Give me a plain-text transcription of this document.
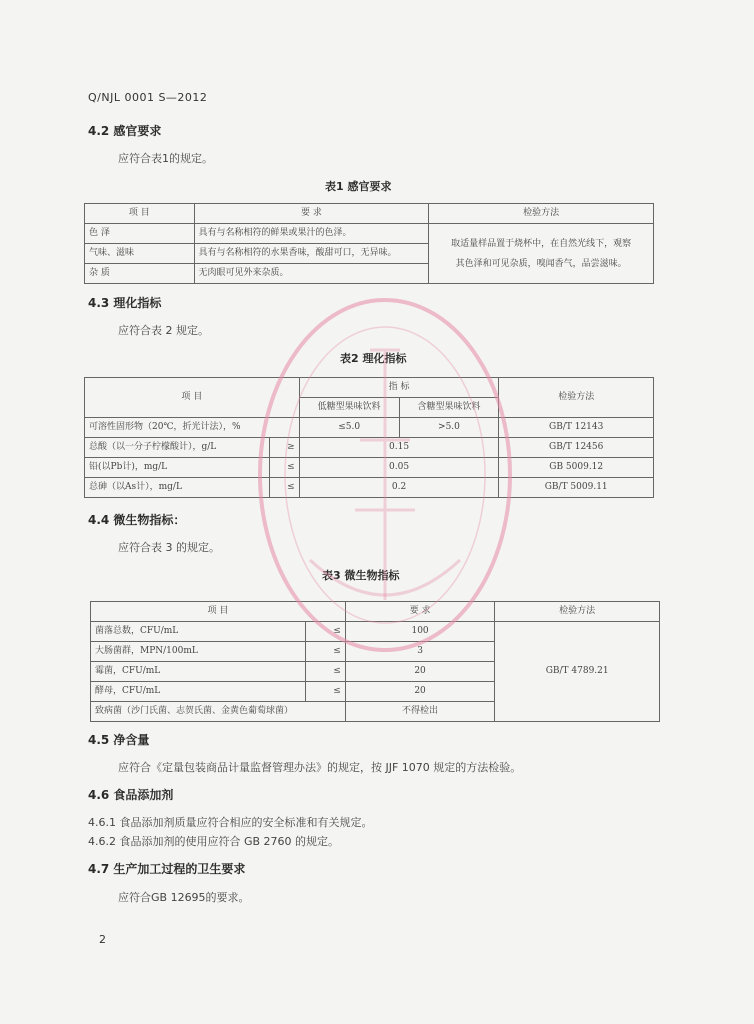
Q/NJL 0001 S—2012
4.2 感官要求
应符合表1的规定。
表1 感官要求
项 目	要 求	检验方法
色 泽	具有与名称相符的鲜果或果汁的色泽。	取适量样品置于烧杯中，在自然光线下，观察
其色泽和可见杂质，嗅闻香气，品尝滋味。

气味、滋味	具有与名称相符的水果香味，酸甜可口，无异味。	
杂 质	无肉眼可见外来杂质。	
4.3 理化指标
应符合表 2 规定。
表2 理化指标
项 目		指 标		检验方法
		低糖型果味饮料	含糖型果味饮料	
可溶性固形物（20℃，折光计法），%		≤5.0	>5.0	GB/T 12143
总酸（以一分子柠檬酸计），g/L	≥	0.15		GB/T 12456
铅(以Pb计)，mg/L	≤	0.05		GB 5009.12
总砷（以As计），mg/L	≤	0.2		GB/T 5009.11
4.4 微生物指标：
应符合表 3 的规定。
表3 微生物指标
项 目		要 求	检验方法
菌落总数，CFU/mL	≤	100	GB/T 4789.21
大肠菌群，MPN/100mL	≤	3	
霉菌，CFU/mL	≤	20	
酵母，CFU/mL	≤	20	
致病菌（沙门氏菌、志贺氏菌、金黄色葡萄球菌）		不得检出	
4.5 净含量
应符合《定量包装商品计量监督管理办法》的规定，按 JJF 1070 规定的方法检验。
4.6 食品添加剂
4.6.1 食品添加剂质量应符合相应的安全标准和有关规定。
4.6.2 食品添加剂的使用应符合 GB 2760 的规定。
4.7 生产加工过程的卫生要求
应符合GB 12695的要求。
2
